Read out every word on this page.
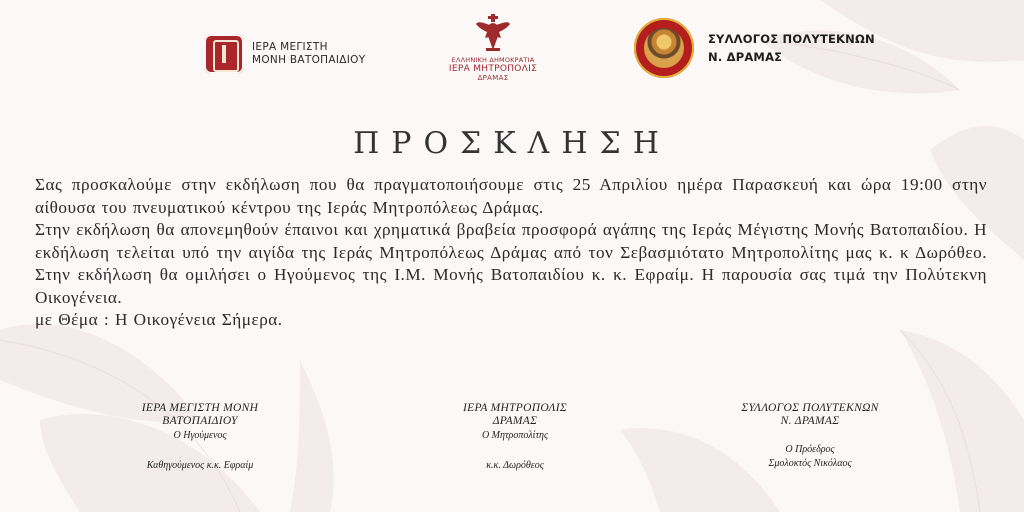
ΙΕΡΑ ΜΕΓΙΣΤΗ
ΜΟΝΗ ΒΑΤΟΠΑΙΔΙΟΥ	ΕΛΛΗΝΙΚΗ ΔΗΜΟΚΡΑΤΙΑ
ΙΕΡΑ ΜΗΤΡΟΠΟΛΙΣ
ΔΡΑΜΑΣ
ΣΥΛΛΟΓΟΣ ΠΟΛΥΤΕΚΝΩΝ
Ν. ΔΡΑΜΑΣ
ΠΡΟΣΚΛΗΣΗ

Σας προσκαλούμε στην εκδήλωση που θα πραγματοποιήσουμε στις 25 Απριλίου ημέρα Παρασκευή και ώρα 19:00 στην αίθουσα του πνευματικού κέντρου της Ιεράς Μητροπόλεως Δράμας.

Στην εκδήλωση θα απονεμηθούν έπαινοι και χρηματικά βραβεία προσφορά αγάπης της Ιεράς Μέγιστης Μονής Βατοπαιδίου. Η εκδήλωση τελείται υπό την αιγίδα της Ιεράς Μητροπόλεως Δράμας από τον Σεβασμιότατο Μητροπολίτης μας κ. κ Δωρόθεο. Στην εκδήλωση θα ομιλήσει ο Ηγούμενος της Ι.Μ. Μονής Βατοπαιδίου κ. κ. Εφραίμ. Η παρουσία σας τιμά την Πολύτεκνη Οικογένεια.

με Θέμα : Η Οικογένεια Σήμερα.

ΙΕΡΑ ΜΕΓΙΣΤΗ ΜΟΝΗ
ΒΑΤΟΠΑΙΔΙΟΥ
Ο Ηγούμενος
Καθηγούμενος κ.κ. Εφραίμ
ΙΕΡΑ ΜΗΤΡΟΠΟΛΙΣ
ΔΡΑΜΑΣ
Ο Μητροπολίτης
κ.κ. Δωρόθεος
ΣΥΛΛΟΓΟΣ ΠΟΛΥΤΕΚΝΩΝ
Ν. ΔΡΑΜΑΣ
Ο Πρόεδρος
Σμολοκτός Νικόλαος
